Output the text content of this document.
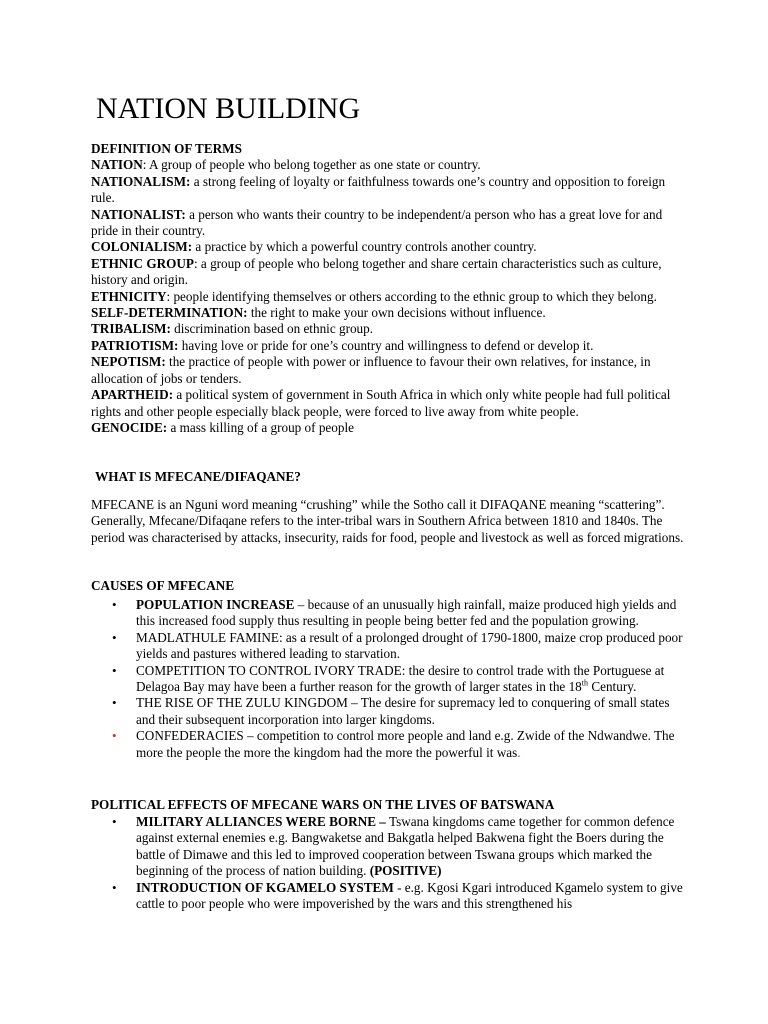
NATION BUILDING

DEFINITION OF TERMS

NATION: A group of people who belong together as one state or country.

NATIONALISM: a strong feeling of loyalty or faithfulness towards one’s country and opposition to foreign rule.

NATIONALIST: a person who wants their country to be independent/a person who has a great love for and pride in their country.

COLONIALISM: a practice by which a powerful country controls another country.

ETHNIC GROUP: a group of people who belong together and share certain characteristics such as culture, history and origin.

ETHNICITY: people identifying themselves or others according to the ethnic group to which they belong.

SELF-DETERMINATION: the right to make your own decisions without influence.

TRIBALISM: discrimination based on ethnic group.

PATRIOTISM: having love or pride for one’s country and willingness to defend or develop it.

NEPOTISM: the practice of people with power or influence to favour their own relatives, for instance, in allocation of jobs or tenders.

APARTHEID: a political system of government in South Africa in which only white people had full political rights and other people especially black people, were forced to live away from white people.

GENOCIDE: a mass killing of a group of people

WHAT IS MFECANE/DIFAQANE?

MFECANE is an Nguni word meaning “crushing” while the Sotho call it DIFAQANE meaning “scattering”. Generally, Mfecane/Difaqane refers to the inter-tribal wars in Southern Africa between 1810 and 1840s. The period was characterised by attacks, insecurity, raids for food, people and livestock as well as forced migrations.

CAUSES OF MFECANE

• POPULATION INCREASE – because of an unusually high rainfall, maize produced high yields and this increased food supply thus resulting in people being better fed and the population growing.
• MADLATHULE FAMINE: as a result of a prolonged drought of 1790-1800, maize crop produced poor yields and pastures withered leading to starvation.
• COMPETITION TO CONTROL IVORY TRADE: the desire to control trade with the Portuguese at Delagoa Bay may have been a further reason for the growth of larger states in the 18th Century.
• THE RISE OF THE ZULU KINGDOM – The desire for supremacy led to conquering of small states and their subsequent incorporation into larger kingdoms.
• CONFEDERACIES – competition to control more people and land e.g. Zwide of the Ndwandwe. The more the people the more the kingdom had the more the powerful it was.

POLITICAL EFFECTS OF MFECANE WARS ON THE LIVES OF BATSWANA

• MILITARY ALLIANCES WERE BORNE – Tswana kingdoms came together for common defence against external enemies e.g. Bangwaketse and Bakgatla helped Bakwena fight the Boers during the battle of Dimawe and this led to improved cooperation between Tswana groups which marked the beginning of the process of nation building. (POSITIVE)
• INTRODUCTION OF KGAMELO SYSTEM - e.g. Kgosi Kgari introduced Kgamelo system to give cattle to poor people who were impoverished by the wars and this strengthened his
